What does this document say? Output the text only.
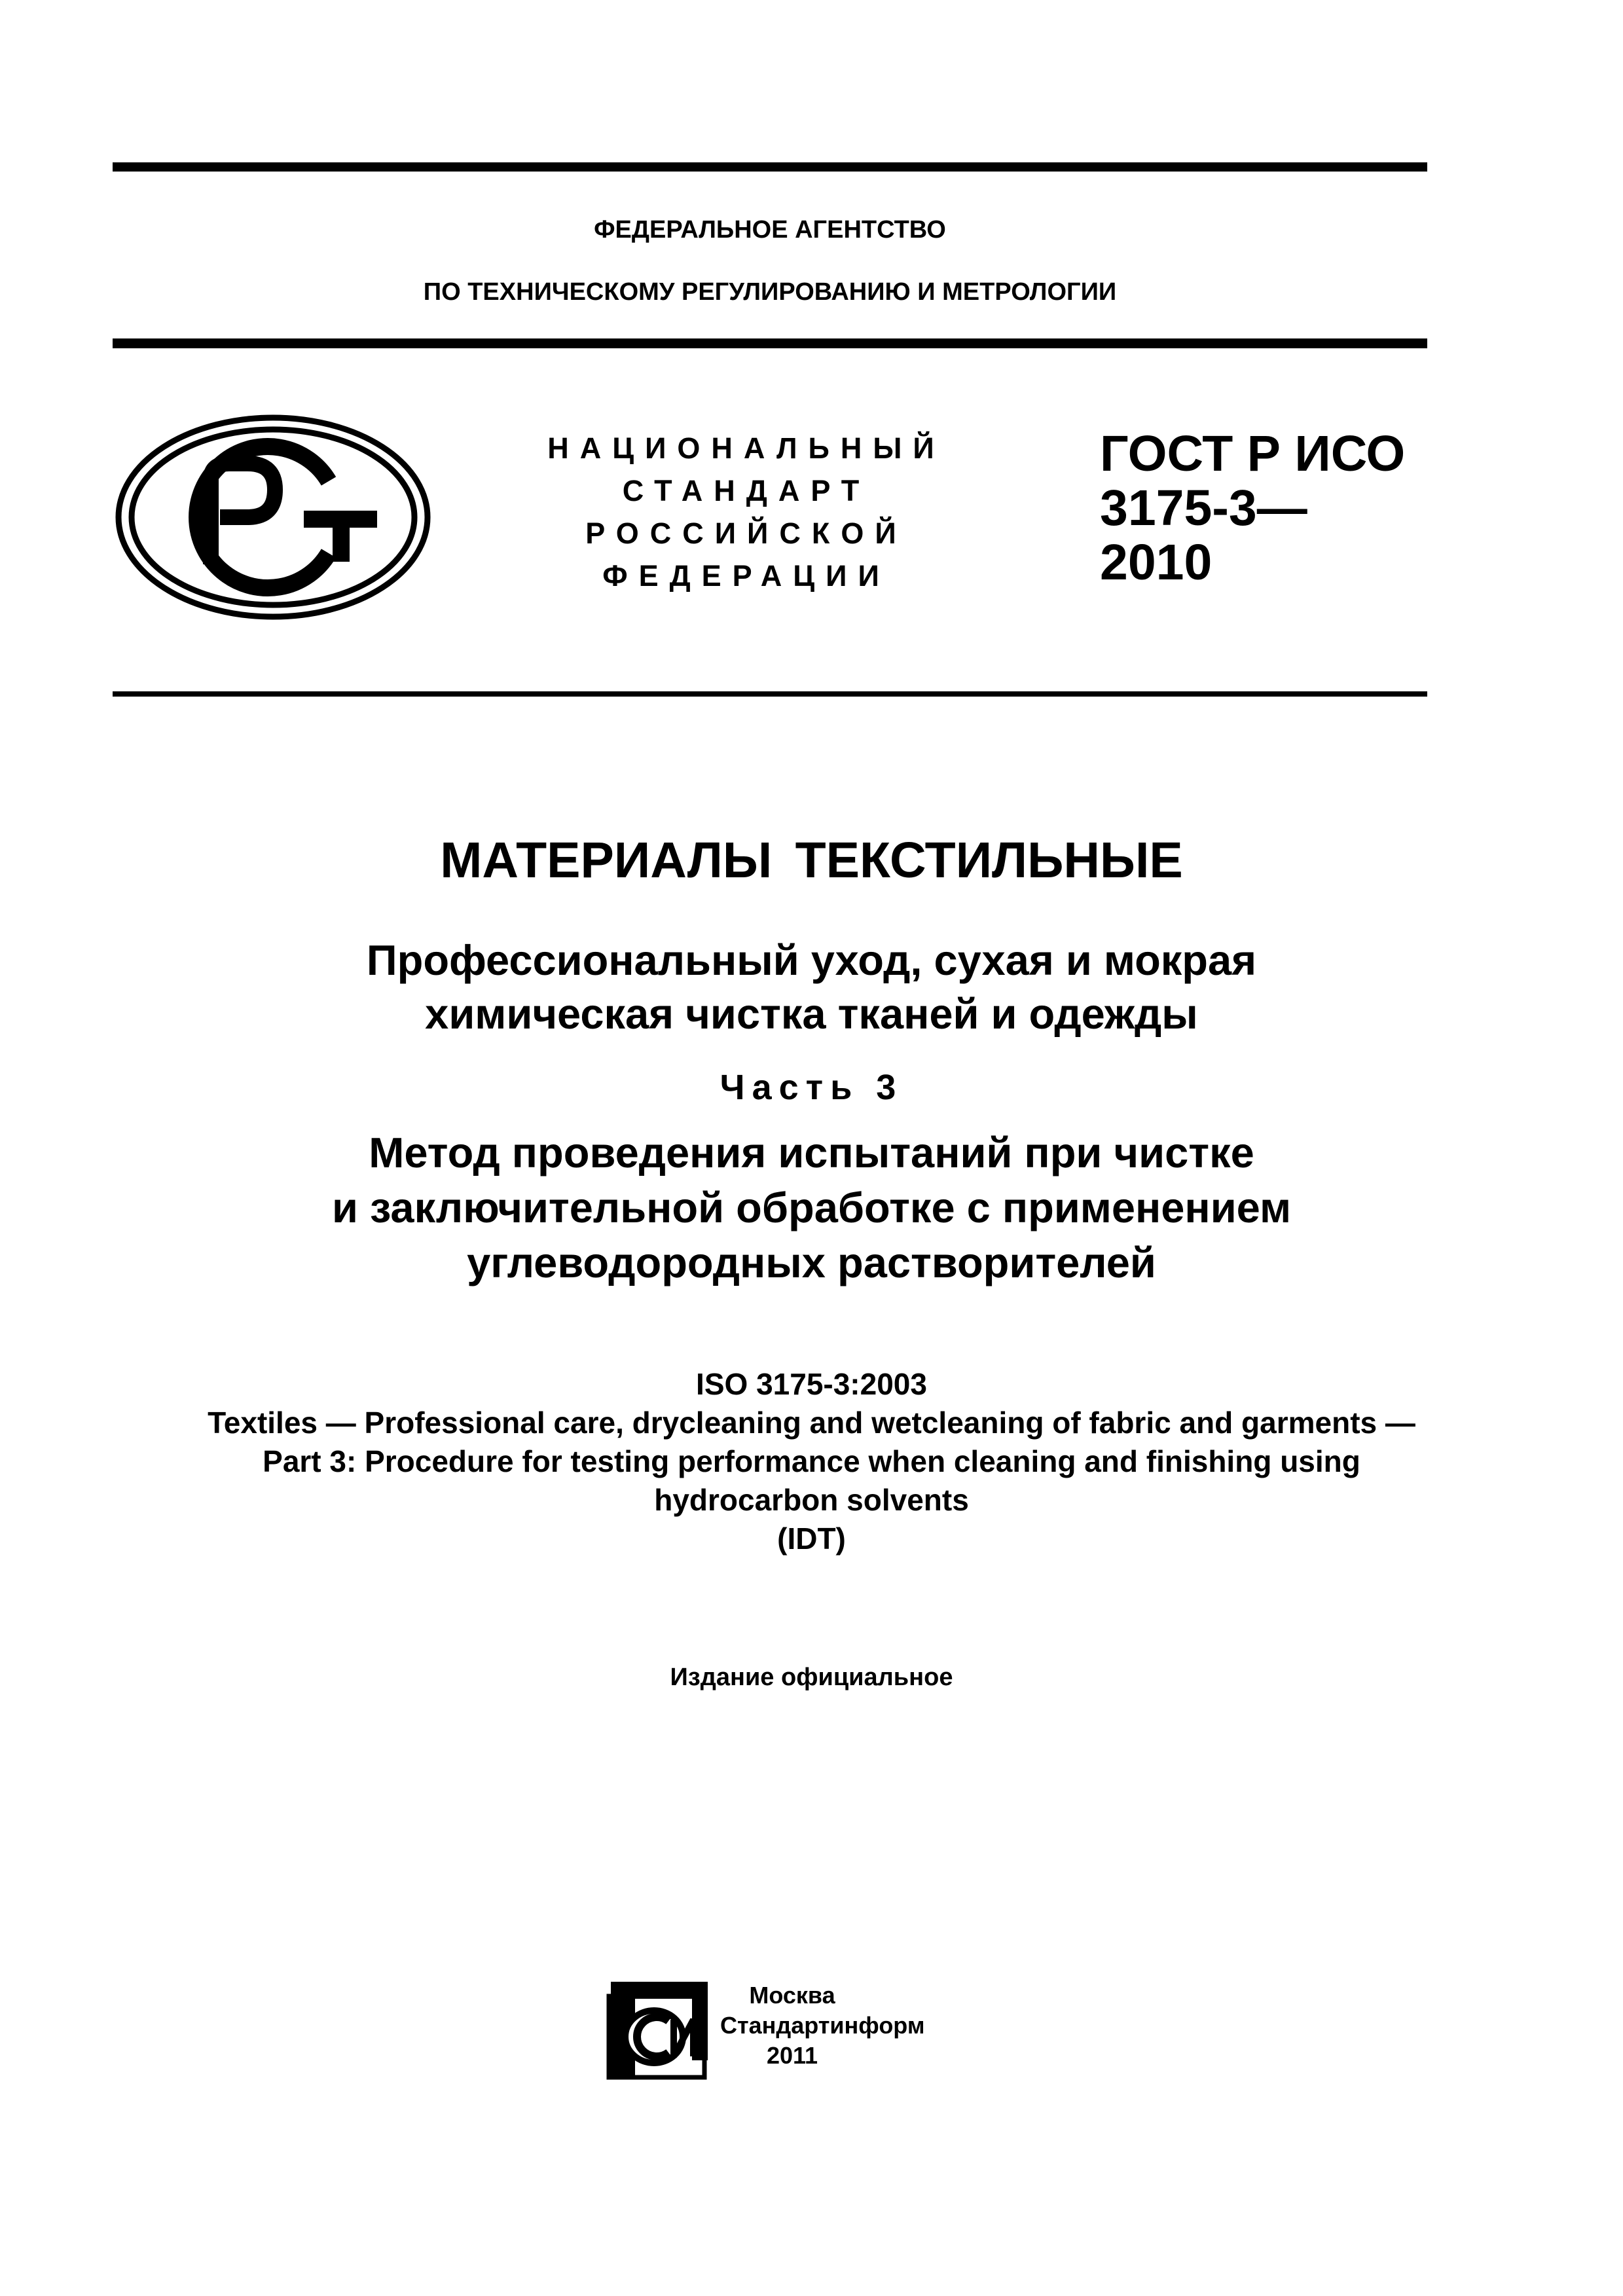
ФЕДЕРАЛЬНОЕ АГЕНТСТВО
ПО ТЕХНИЧЕСКОМУ РЕГУЛИРОВАНИЮ И МЕТРОЛОГИИ
НАЦИОНАЛЬНЫЙ
СТАНДАРТ
РОССИЙСКОЙ
ФЕДЕРАЦИИ
ГОСТ Р ИСО
3175-3—
2010
МАТЕРИАЛЫ ТЕКСТИЛЬНЫЕ
Профессиональный уход, сухая и мокрая
химическая чистка тканей и одежды
Часть 3
Метод проведения испытаний при чистке
и заключительной обработке с применением
углеводородных растворителей
ISO 3175-3:2003
Textiles — Professional care, drycleaning and wetcleaning of fabric and garments —
Part 3: Procedure for testing performance when cleaning and finishing using
hydrocarbon solvents
(IDT)
Издание официальное
Москва
Стандартинформ
2011
